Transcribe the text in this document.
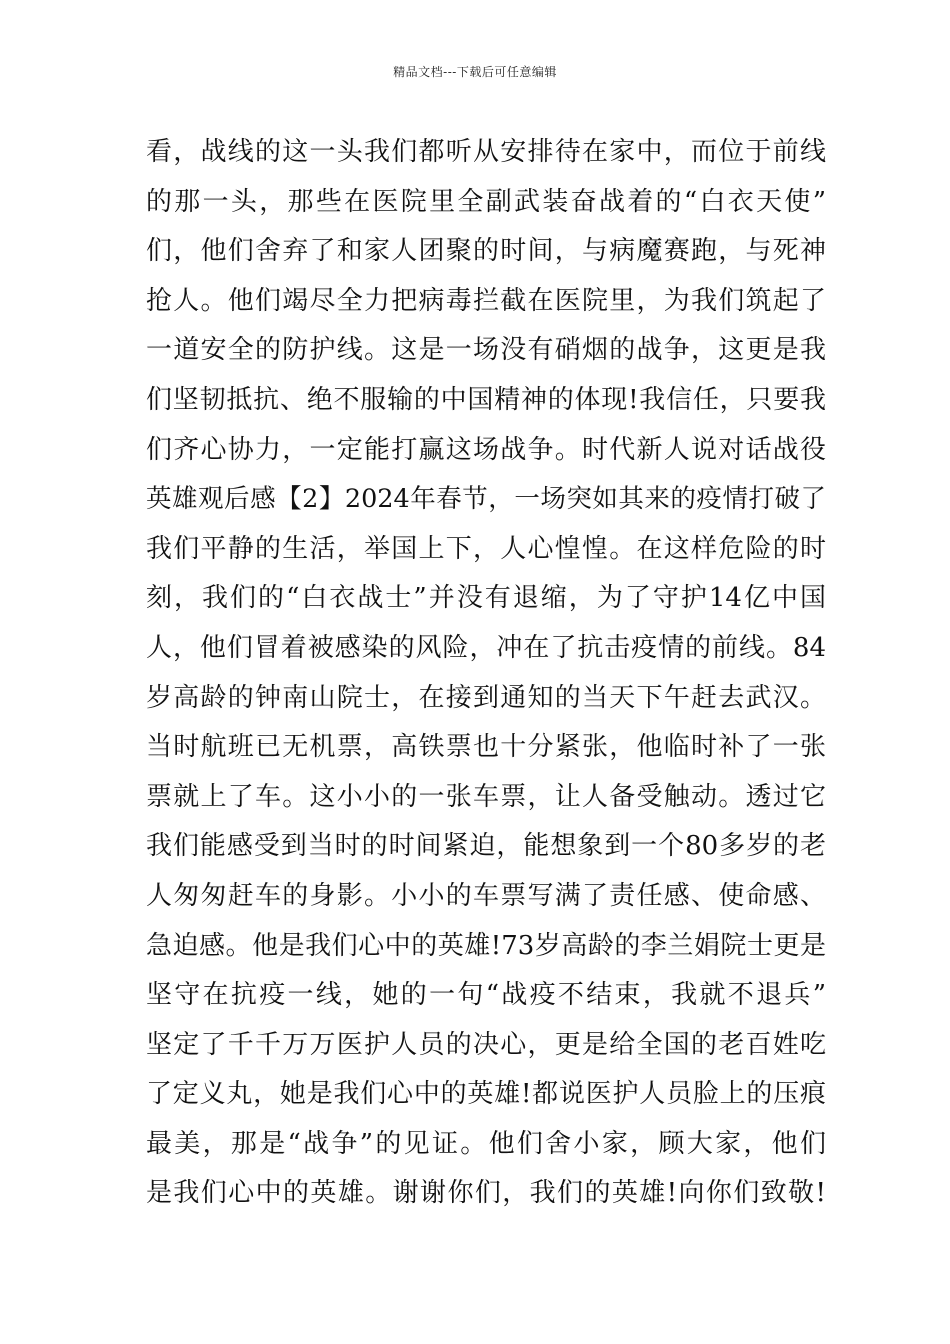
精品文档---下载后可任意编辑
看，战线的这一头我们都听从安排待在家中，而位于前线
的那一头，那些在医院里全副武装奋战着的“白衣天使”
们，他们舍弃了和家人团聚的时间，与病魔赛跑，与死神
抢人。他们竭尽全力把病毒拦截在医院里，为我们筑起了
一道安全的防护线。这是一场没有硝烟的战争，这更是我
们坚韧抵抗、绝不服输的中国精神的体现!我信任，只要我
们齐心协力，一定能打赢这场战争。时代新人说对话战役
英雄观后感【2】2024年春节，一场突如其来的疫情打破了
我们平静的生活，举国上下，人心惶惶。在这样危险的时
刻，我们的“白衣战士”并没有退缩，为了守护14亿中国
人，他们冒着被感染的风险，冲在了抗击疫情的前线。84
岁高龄的钟南山院士，在接到通知的当天下午赶去武汉。
当时航班已无机票，高铁票也十分紧张，他临时补了一张
票就上了车。这小小的一张车票，让人备受触动。透过它
我们能感受到当时的时间紧迫，能想象到一个80多岁的老
人匆匆赶车的身影。小小的车票写满了责任感、使命感、
急迫感。他是我们心中的英雄!73岁高龄的李兰娟院士更是
坚守在抗疫一线，她的一句“战疫不结束，我就不退兵”
坚定了千千万万医护人员的决心，更是给全国的老百姓吃
了定义丸，她是我们心中的英雄!都说医护人员脸上的压痕
最美，那是“战争”的见证。他们舍小家，顾大家，他们
是我们心中的英雄。谢谢你们，我们的英雄!向你们致敬!
